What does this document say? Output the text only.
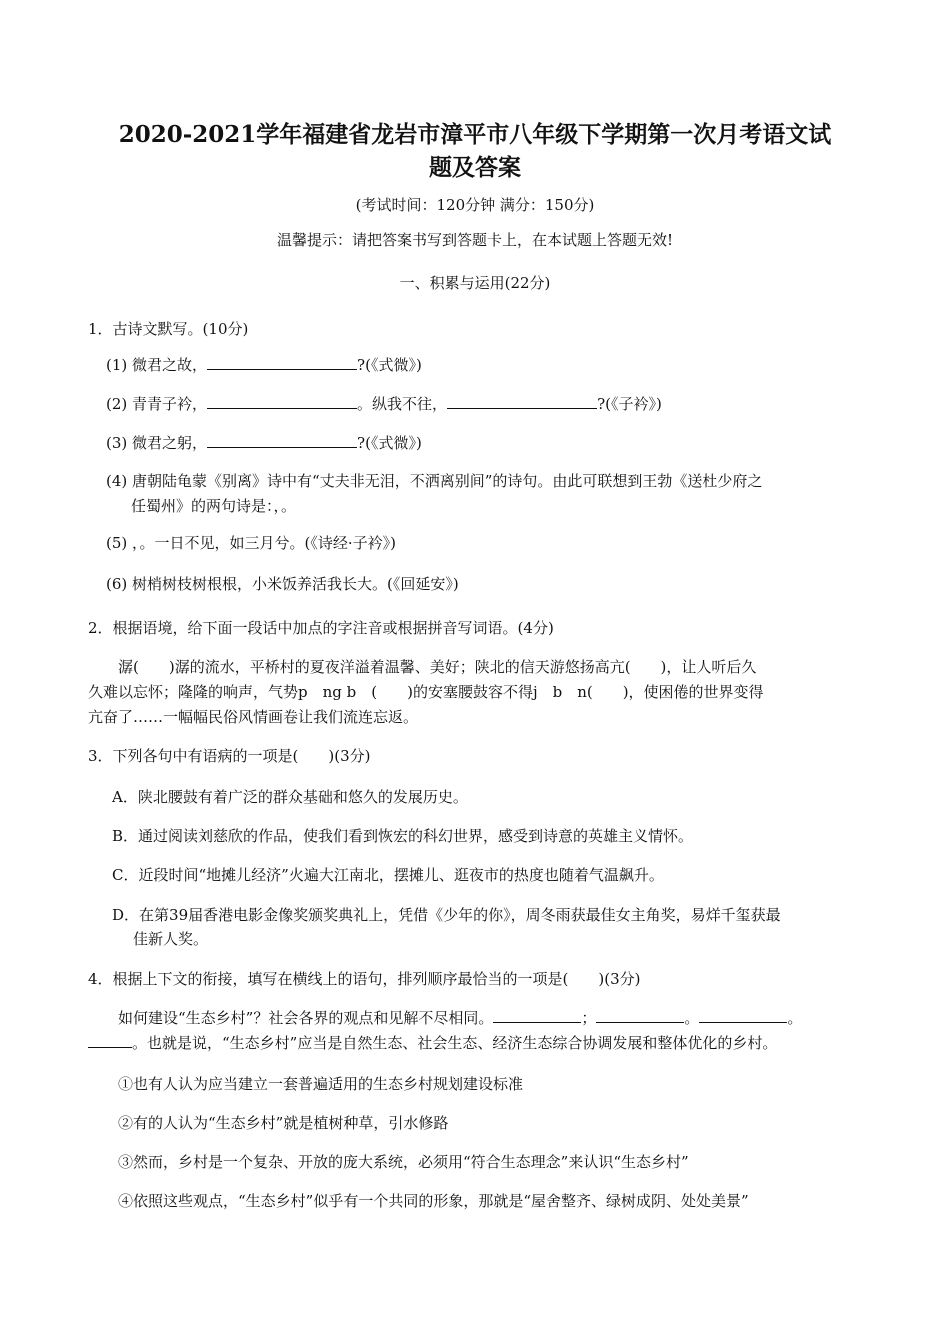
2020-2021学年福建省龙岩市漳平市八年级下学期第一次月考语文试
题及答案
(考试时间：120分钟 满分：150分)
温馨提示：请把答案书写到答题卡上，在本试题上答题无效!
一、积累与运用(22分)
1．古诗文默写。(10分)
(1) 微君之故，	?(《式微》)
(2) 青青子衿，	。纵我不往，	?(《子衿》)
(3) 微君之躬，	?(《式微》)
(4) 唐朝陆龟蒙《别离》诗中有“丈夫非无泪，不洒离别间”的诗句。由此可联想到王勃《送杜少府之
任蜀州》的两句诗是：，。
(5) ，。一日不见，如三月兮。(《诗经·子衿》)
(6) 树梢树枝树根根，小米饭养活我长大。(《回延安》)
2．根据语境，给下面一段话中加点的字注音或根据拼音写词语。(4分)
潺(　　)潺的流水，平桥村的夏夜洋溢着温馨、美好；陕北的信天游悠扬高亢(　　)，让人听后久
久难以忘怀；隆隆的响声，气势p　ng b　(　　)的安塞腰鼓容不得j　b　n(　　)，使困倦的世界变得
亢奋了……一幅幅民俗风情画卷让我们流连忘返。
3．下列各句中有语病的一项是(　　)(3分)
A．陕北腰鼓有着广泛的群众基础和悠久的发展历史。
B．通过阅读刘慈欣的作品，使我们看到恢宏的科幻世界，感受到诗意的英雄主义情怀。
C．近段时间“地摊儿经济”火遍大江南北，摆摊儿、逛夜市的热度也随着气温飙升。
D．在第39届香港电影金像奖颁奖典礼上，凭借《少年的你》，周冬雨获最佳女主角奖，易烊千玺获最
佳新人奖。
4．根据上下文的衔接，填写在横线上的语句，排列顺序最恰当的一项是(　　)(3分)
如何建设“生态乡村”？社会各界的观点和见解不尽相同。	；	。	。
。也就是说，“生态乡村”应当是自然生态、社会生态、经济生态综合协调发展和整体优化的乡村。
①也有人认为应当建立一套普遍适用的生态乡村规划建设标准
②有的人认为“生态乡村”就是植树种草，引水修路
③然而，乡村是一个复杂、开放的庞大系统，必须用“符合生态理念”来认识“生态乡村”
④依照这些观点，“生态乡村”似乎有一个共同的形象，那就是“屋舍整齐、绿树成阴、处处美景”
